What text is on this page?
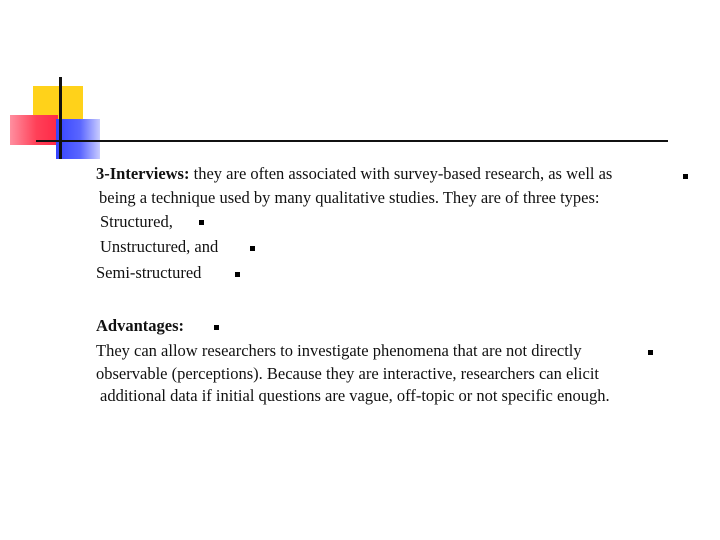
3-Interviews: they are often associated with survey-based research, as well as

being a technique used by many qualitative studies. They are of three types:

Structured,

Unstructured, and

Semi-structured

Advantages:

They can allow researchers to investigate phenomena that are not directly

observable (perceptions). Because they are interactive, researchers can elicit

additional data if initial questions are vague, off-topic or not specific enough.
